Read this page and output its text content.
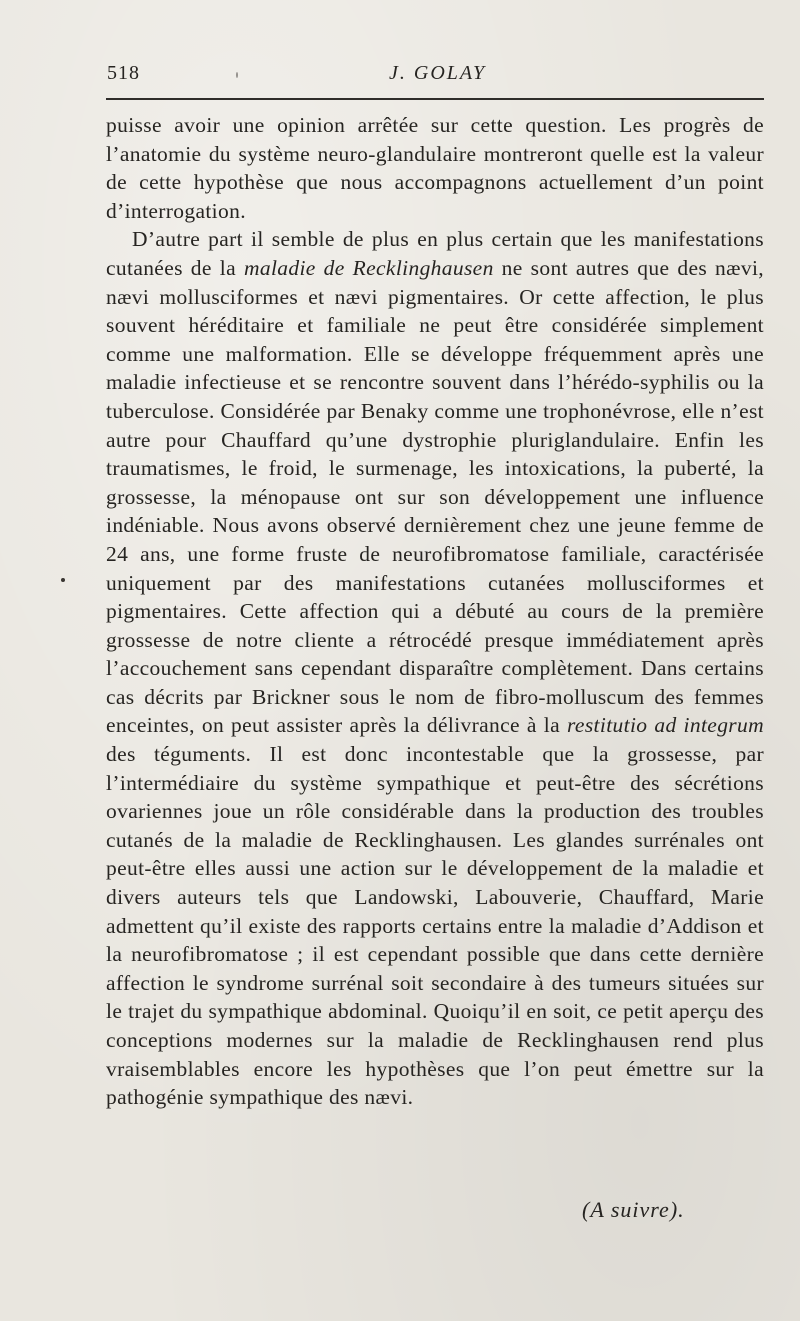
518	J. GOLAY

puisse avoir une opinion arrêtée sur cette question. Les progrès de l’anatomie du système neuro-glandulaire montreront quelle est la valeur de cette hypothèse que nous accompagnons actuellement d’un point d’interrogation.

D’autre part il semble de plus en plus certain que les manifestations cutanées de la maladie de Recklinghausen ne sont autres que des nævi, nævi mollusciformes et nævi pigmentaires. Or cette affection, le plus souvent héréditaire et familiale ne peut être considérée simplement comme une malformation. Elle se développe fréquemment après une maladie infectieuse et se rencontre souvent dans l’hérédo-syphilis ou la tuberculose. Considérée par Benaky comme une trophonévrose, elle n’est autre pour Chauffard qu’une dystrophie pluriglandulaire. Enfin les traumatismes, le froid, le surmenage, les intoxications, la puberté, la grossesse, la ménopause ont sur son développement une influence indéniable. Nous avons observé dernièrement chez une jeune femme de 24 ans, une forme fruste de neurofibromatose familiale, caractérisée uniquement par des manifestations cutanées mollusciformes et pigmentaires. Cette affection qui a débuté au cours de la première grossesse de notre cliente a rétrocédé presque immédiatement après l’accouchement sans cependant disparaître complètement. Dans certains cas décrits par Brickner sous le nom de fibro-molluscum des femmes enceintes, on peut assister après la délivrance à la restitutio ad integrum des téguments. Il est donc incontestable que la grossesse, par l’intermédiaire du système sympathique et peut-être des sécrétions ovariennes joue un rôle considérable dans la production des troubles cutanés de la maladie de Recklinghausen. Les glandes surrénales ont peut-être elles aussi une action sur le développement de la maladie et divers auteurs tels que Landowski, Labouverie, Chauffard, Marie admettent qu’il existe des rapports certains entre la maladie d’Addison et la neurofibromatose ; il est cependant possible que dans cette dernière affection le syndrome surrénal soit secondaire à des tumeurs situées sur le trajet du sympathique abdominal. Quoiqu’il en soit, ce petit aperçu des conceptions modernes sur la maladie de Recklinghausen rend plus vraisemblables encore les hypothèses que l’on peut émettre sur la pathogénie sympathique des nævi.

(A suivre).
